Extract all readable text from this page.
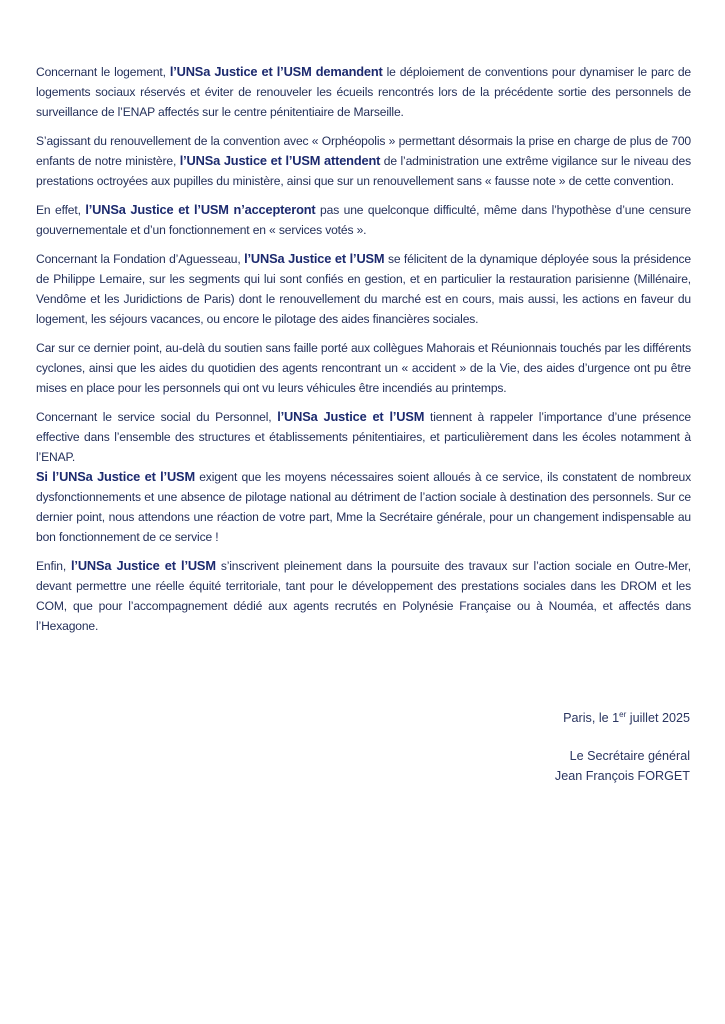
Concernant le logement, l’UNSa Justice et l’USM demandent le déploiement de conventions pour dynamiser le parc de logements sociaux réservés et éviter de renouveler les écueils rencontrés lors de la précédente sortie des personnels de surveillance de l’ENAP affectés sur le centre pénitentiaire de Marseille.

S’agissant du renouvellement de la convention avec « Orphéopolis » permettant désormais la prise en charge de plus de 700 enfants de notre ministère, l’UNSa Justice et l’USM attendent de l’administration une extrême vigilance sur le niveau des prestations octroyées aux pupilles du ministère, ainsi que sur un renouvellement sans « fausse note » de cette convention.

En effet, l’UNSa Justice et l’USM n’accepteront pas une quelconque difficulté, même dans l’hypothèse d’une censure gouvernementale et d’un fonctionnement en « services votés ».

Concernant la Fondation d’Aguesseau, l’UNSa Justice et l’USM se félicitent de la dynamique déployée sous la présidence de Philippe Lemaire, sur les segments qui lui sont confiés en gestion, et en particulier la restauration parisienne (Millénaire, Vendôme et les Juridictions de Paris) dont le renouvellement du marché est en cours, mais aussi, les actions en faveur du logement, les séjours vacances, ou encore le pilotage des aides financières sociales.

Car sur ce dernier point, au-delà du soutien sans faille porté aux collègues Mahorais et Réunionnais touchés par les différents cyclones, ainsi que les aides du quotidien des agents rencontrant un « accident » de la Vie, des aides d’urgence ont pu être mises en place pour les personnels qui ont vu leurs véhicules être incendiés au printemps.

Concernant le service social du Personnel, l’UNSa Justice et l’USM tiennent à rappeler l’importance d’une présence effective dans l’ensemble des structures et établissements pénitentiaires, et particulièrement dans les écoles notamment à l’ENAP.

Si l’UNSa Justice et l’USM exigent que les moyens nécessaires soient alloués à ce service, ils constatent de nombreux dysfonctionnements et une absence de pilotage national au détriment de l’action sociale à destination des personnels. Sur ce dernier point, nous attendons une réaction de votre part, Mme la Secrétaire générale, pour un changement indispensable au bon fonctionnement de ce service !

Enfin, l’UNSa Justice et l’USM s’inscrivent pleinement dans la poursuite des travaux sur l’action sociale en Outre-Mer, devant permettre une réelle équité territoriale, tant pour le développement des prestations sociales dans les DROM et les COM, que pour l’accompagnement dédié aux agents recrutés en Polynésie Française ou à Nouméa, et affectés dans l’Hexagone.

Paris, le 1er juillet 2025
Le Secrétaire général
Jean François FORGET
